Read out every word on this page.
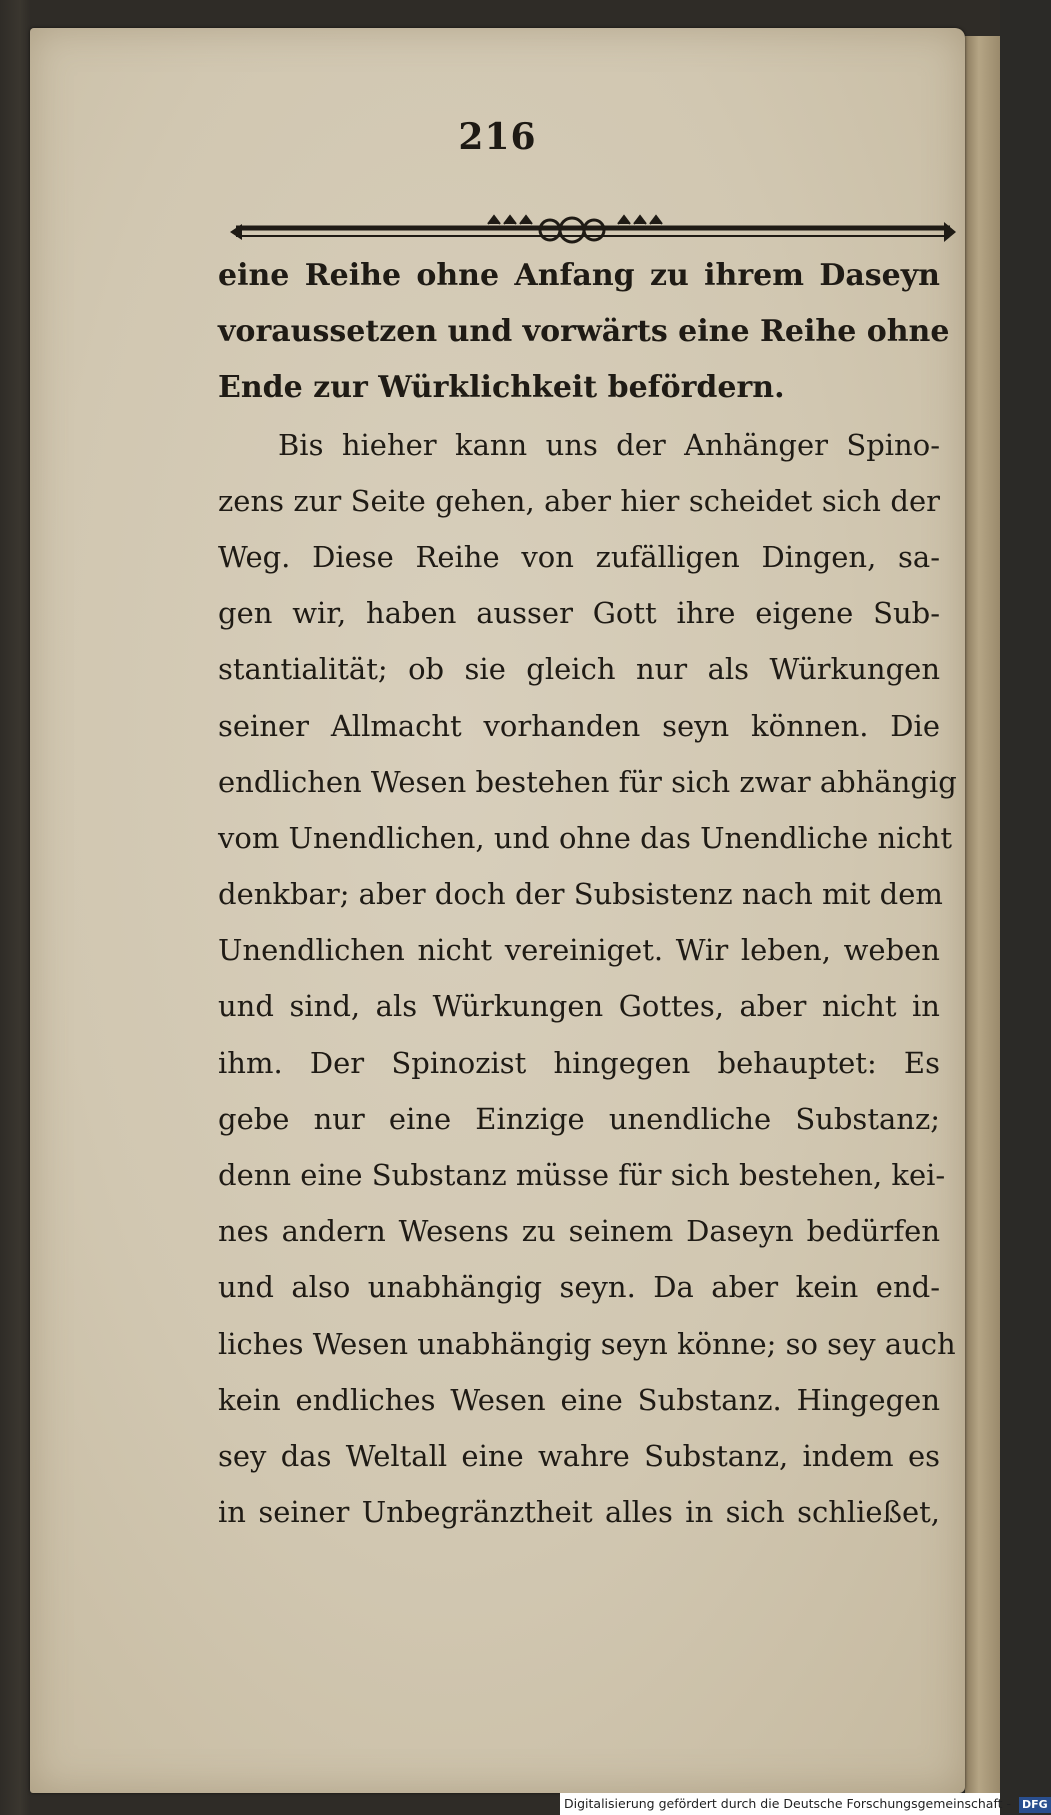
216
eine Reihe ohne Anfang zu ihrem Daseyn
voraussetzen und vorwärts eine Reihe ohne
Ende zur Würklichkeit befördern.
Bis hieher kann uns der Anhänger Spino-
zens zur Seite gehen, aber hier scheidet sich der
Weg. Diese Reihe von zufälligen Dingen, sa-
gen wir, haben ausser Gott ihre eigene Sub-
stantialität; ob sie gleich nur als Würkungen
seiner Allmacht vorhanden seyn können. Die
endlichen Wesen bestehen für sich zwar abhängig
vom Unendlichen, und ohne das Unendliche nicht
denkbar; aber doch der Subsistenz nach mit dem
Unendlichen nicht vereiniget. Wir leben, weben
und sind, als Würkungen Gottes, aber nicht in
ihm. Der Spinozist hingegen behauptet: Es
gebe nur eine Einzige unendliche Substanz;
denn eine Substanz müsse für sich bestehen, kei-
nes andern Wesens zu seinem Daseyn bedürfen
und also unabhängig seyn. Da aber kein end-
liches Wesen unabhängig seyn könne; so sey auch
kein endliches Wesen eine Substanz. Hingegen
sey das Weltall eine wahre Substanz, indem es
in seiner Unbegränztheit alles in sich schließet,
Digitalisierung gefördert durch die Deutsche Forschungsgemeinschaft - DFG
